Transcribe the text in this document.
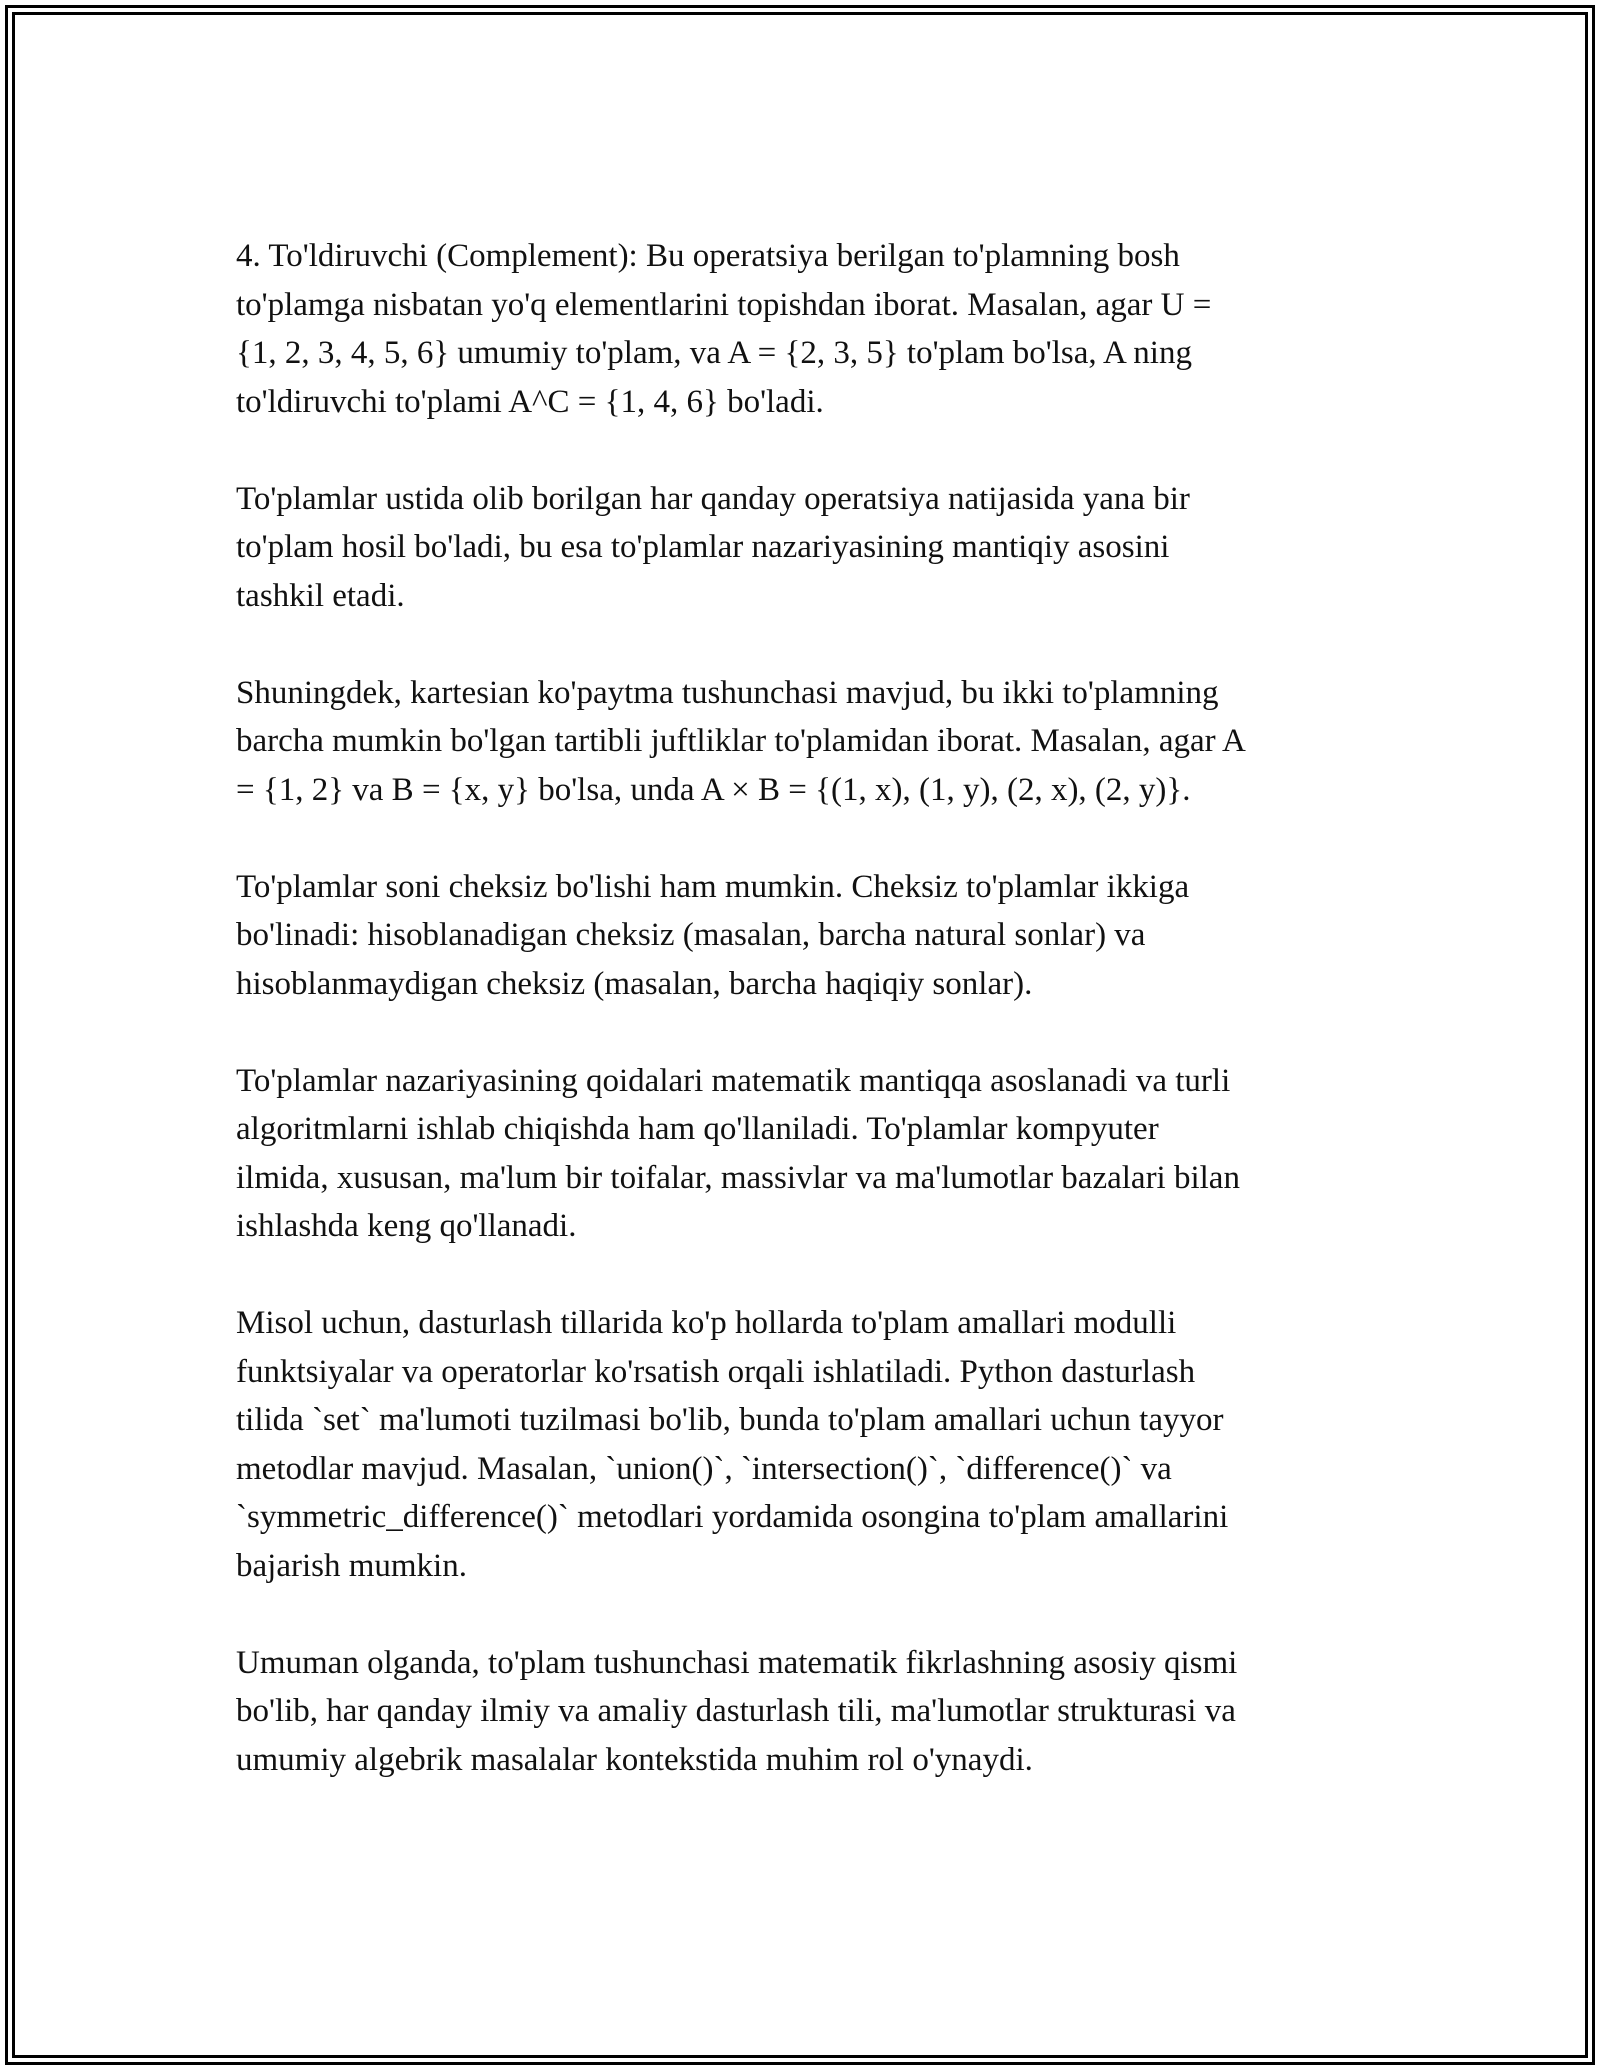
4. To'ldiruvchi (Complement): Bu operatsiya berilgan to'plamning bosh
to'plamga nisbatan yo'q elementlarini topishdan iborat. Masalan, agar U =
{1, 2, 3, 4, 5, 6} umumiy to'plam, va A = {2, 3, 5} to'plam bo'lsa, A ning
to'ldiruvchi to'plami A^C = {1, 4, 6} bo'ladi.

To'plamlar ustida olib borilgan har qanday operatsiya natijasida yana bir
to'plam hosil bo'ladi, bu esa to'plamlar nazariyasining mantiqiy asosini
tashkil etadi.

Shuningdek, kartesian ko'paytma tushunchasi mavjud, bu ikki to'plamning
barcha mumkin bo'lgan tartibli juftliklar to'plamidan iborat. Masalan, agar A
= {1, 2} va B = {x, y} bo'lsa, unda A × B = {(1, x), (1, y), (2, x), (2, y)}.

To'plamlar soni cheksiz bo'lishi ham mumkin. Cheksiz to'plamlar ikkiga
bo'linadi: hisoblanadigan cheksiz (masalan, barcha natural sonlar) va
hisoblanmaydigan cheksiz (masalan, barcha haqiqiy sonlar).

To'plamlar nazariyasining qoidalari matematik mantiqqa asoslanadi va turli
algoritmlarni ishlab chiqishda ham qo'llaniladi. To'plamlar kompyuter
ilmida, xususan, ma'lum bir toifalar, massivlar va ma'lumotlar bazalari bilan
ishlashda keng qo'llanadi.

Misol uchun, dasturlash tillarida ko'p hollarda to'plam amallari modulli
funktsiyalar va operatorlar ko'rsatish orqali ishlatiladi. Python dasturlash
tilida `set` ma'lumoti tuzilmasi bo'lib, bunda to'plam amallari uchun tayyor
metodlar mavjud. Masalan, `union()`, `intersection()`, `difference()` va
`symmetric_difference()` metodlari yordamida osongina to'plam amallarini
bajarish mumkin.

Umuman olganda, to'plam tushunchasi matematik fikrlashning asosiy qismi
bo'lib, har qanday ilmiy va amaliy dasturlash tili, ma'lumotlar strukturasi va
umumiy algebrik masalalar kontekstida muhim rol o'ynaydi.
